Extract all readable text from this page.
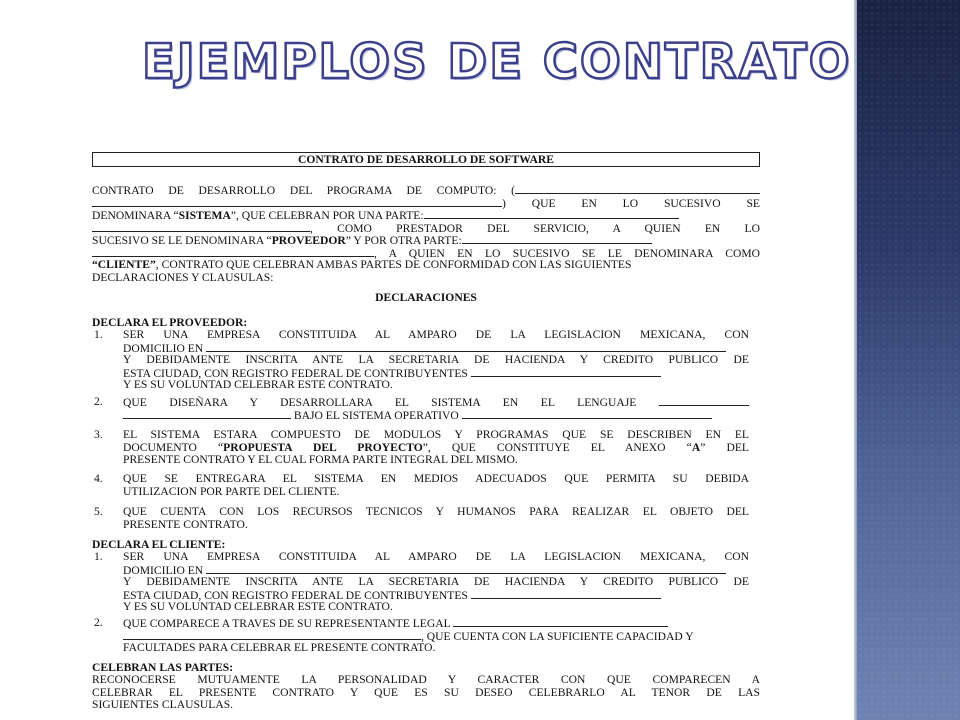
EJEMPLOS DE CONTRATO
CONTRATO DE DESARROLLO DE SOFTWARE
CONTRATO DE DESARROLLO DEL PROGRAMA DE COMPUTO: (
) QUE EN LO SUCESIVO SE
DENOMINARA “SISTEMA”, QUE CELEBRAN POR UNA PARTE:
, COMO PRESTADOR DEL SERVICIO, A QUIEN EN LO
SUCESIVO SE LE DENOMINARA “PROVEEDOR” Y POR OTRA PARTE:
, A QUIEN EN LO SUCESIVO SE LE DENOMINARA COMO
“CLIENTE”, CONTRATO QUE CELEBRAN AMBAS PARTES DE CONFORMIDAD CON LAS SIGUIENTES
DECLARACIONES Y CLAUSULAS:
DECLARACIONES
DECLARA EL PROVEEDOR:
1. SER UNA EMPRESA CONSTITUIDA AL AMPARO DE LA LEGISLACION MEXICANA, CON
DOMICILIO EN
Y DEBIDAMENTE INSCRITA ANTE LA SECRETARIA DE HACIENDA Y CREDITO PUBLICO DE
ESTA CIUDAD, CON REGISTRO FEDERAL DE CONTRIBUYENTES
Y ES SU VOLUNTAD CELEBRAR ESTE CONTRATO.
2. QUE DISEÑARA Y DESARROLLARA EL SISTEMA EN EL LENGUAJE
BAJO EL SISTEMA OPERATIVO
3. EL SISTEMA ESTARA COMPUESTO DE MODULOS Y PROGRAMAS QUE SE DESCRIBEN EN EL
DOCUMENTO “PROPUESTA DEL PROYECTO”, QUE CONSTITUYE EL ANEXO “A” DEL
PRESENTE CONTRATO Y EL CUAL FORMA PARTE INTEGRAL DEL MISMO.
4. QUE SE ENTREGARA EL SISTEMA EN MEDIOS ADECUADOS QUE PERMITA SU DEBIDA
UTILIZACION POR PARTE DEL CLIENTE.
5. QUE CUENTA CON LOS RECURSOS TECNICOS Y HUMANOS PARA REALIZAR EL OBJETO DEL
PRESENTE CONTRATO.
DECLARA EL CLIENTE:
1. SER UNA EMPRESA CONSTITUIDA AL AMPARO DE LA LEGISLACION MEXICANA, CON
DOMICILIO EN
Y DEBIDAMENTE INSCRITA ANTE LA SECRETARIA DE HACIENDA Y CREDITO PUBLICO DE
ESTA CIUDAD, CON REGISTRO FEDERAL DE CONTRIBUYENTES
Y ES SU VOLUNTAD CELEBRAR ESTE CONTRATO.
2. QUE COMPARECE A TRAVES DE SU REPRESENTANTE LEGAL
, QUE CUENTA CON LA SUFICIENTE CAPACIDAD Y
FACULTADES PARA CELEBRAR EL PRESENTE CONTRATO.
CELEBRAN LAS PARTES:
RECONOCERSE MUTUAMENTE LA PERSONALIDAD Y CARACTER CON QUE COMPARECEN A
CELEBRAR EL PRESENTE CONTRATO Y QUE ES SU DESEO CELEBRARLO AL TENOR DE LAS
SIGUIENTES CLAUSULAS.
